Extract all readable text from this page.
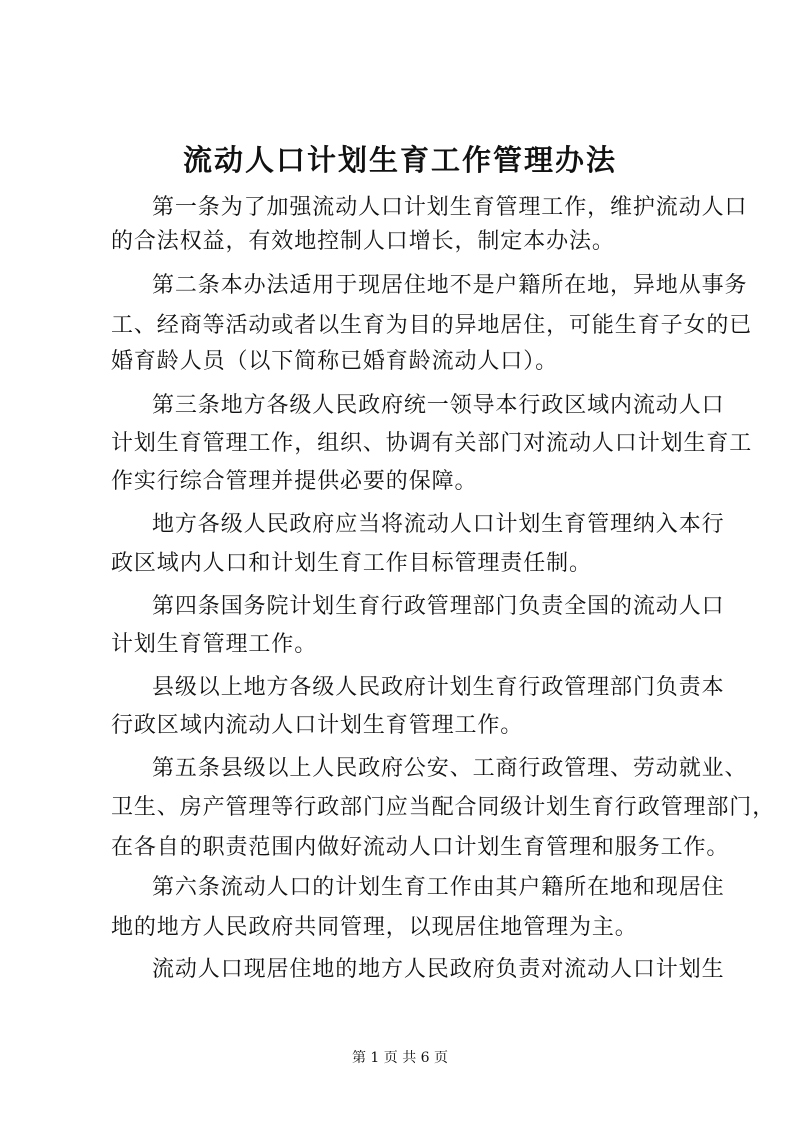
流动人口计划生育工作管理办法
第一条为了加强流动人口计划生育管理工作，维护流动人口
的合法权益，有效地控制人口增长，制定本办法。
第二条本办法适用于现居住地不是户籍所在地，异地从事务
工、经商等活动或者以生育为目的异地居住，可能生育子女的已
婚育龄人员（以下简称已婚育龄流动人口）。
第三条地方各级人民政府统一领导本行政区域内流动人口
计划生育管理工作，组织、协调有关部门对流动人口计划生育工
作实行综合管理并提供必要的保障。
地方各级人民政府应当将流动人口计划生育管理纳入本行
政区域内人口和计划生育工作目标管理责任制。
第四条国务院计划生育行政管理部门负责全国的流动人口
计划生育管理工作。
县级以上地方各级人民政府计划生育行政管理部门负责本
行政区域内流动人口计划生育管理工作。
第五条县级以上人民政府公安、工商行政管理、劳动就业、
卫生、房产管理等行政部门应当配合同级计划生育行政管理部门，
在各自的职责范围内做好流动人口计划生育管理和服务工作。
第六条流动人口的计划生育工作由其户籍所在地和现居住
地的地方人民政府共同管理，以现居住地管理为主。
流动人口现居住地的地方人民政府负责对流动人口计划生
第 1 页 共 6 页
